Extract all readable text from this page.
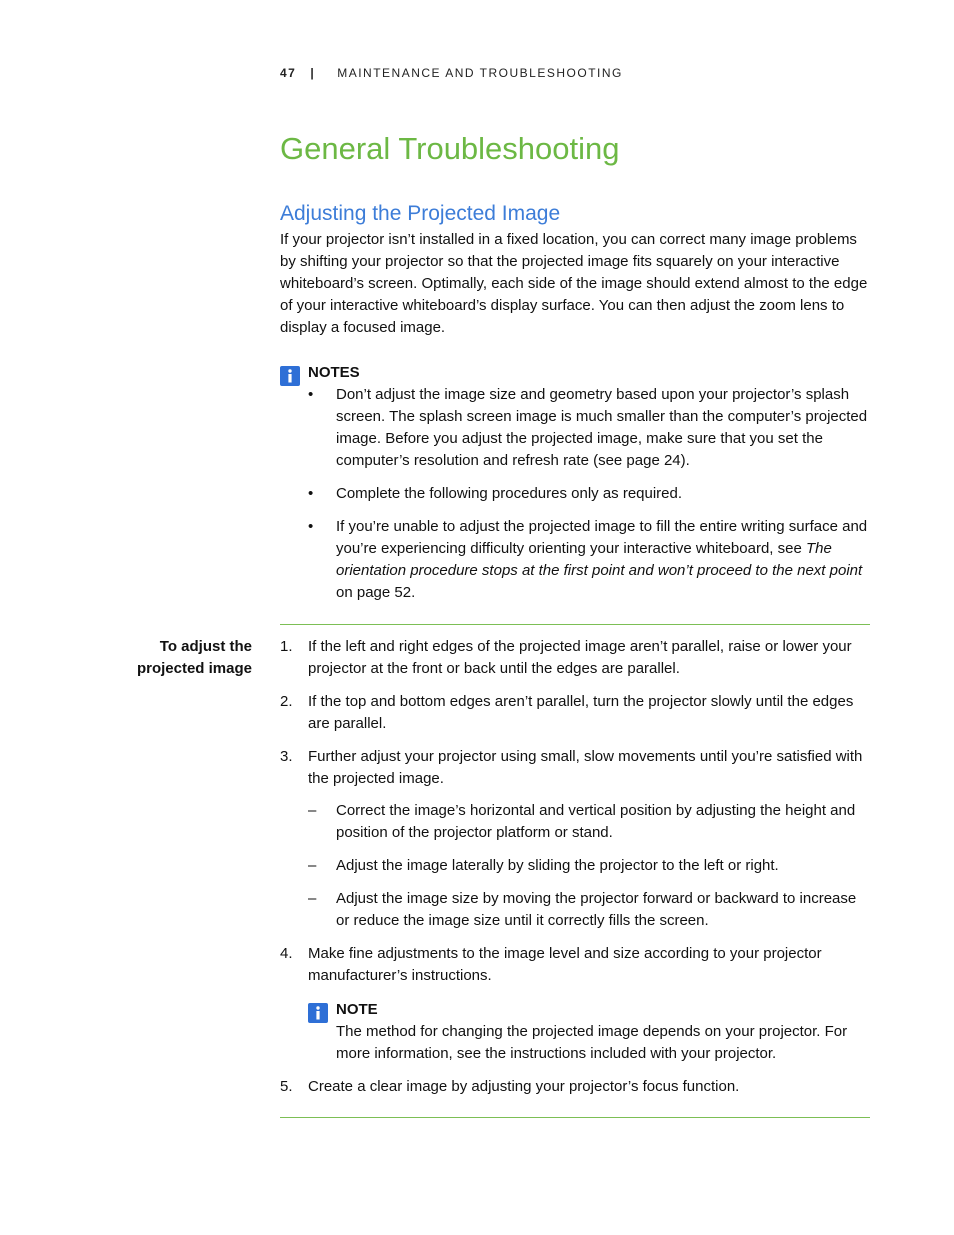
47 | MAINTENANCE AND TROUBLESHOOTING
General Troubleshooting
Adjusting the Projected Image

If your projector isn’t installed in a fixed location, you can correct many image problems by shifting your projector so that the projected image fits squarely on your interactive whiteboard’s screen. Optimally, each side of the image should extend almost to the edge of your interactive whiteboard’s display surface. You can then adjust the zoom lens to display a focused image.

NOTES
• Don’t adjust the image size and geometry based upon your projector’s splash screen. The splash screen image is much smaller than the computer’s projected image. Before you adjust the projected image, make sure that you set the computer’s resolution and refresh rate (see page 24).
• Complete the following procedures only as required.
• If you’re unable to adjust the projected image to fill the entire writing surface and you’re experiencing difficulty orienting your interactive whiteboard, see The orientation procedure stops at the first point and won’t proceed to the next point on page 52.

To adjust the projected image

1. If the left and right edges of the projected image aren’t parallel, raise or lower your projector at the front or back until the edges are parallel.
2. If the top and bottom edges aren’t parallel, turn the projector slowly until the edges are parallel.
3. Further adjust your projector using small, slow movements until you’re satisfied with the projected image.
– Correct the image’s horizontal and vertical position by adjusting the height and position of the projector platform or stand.
– Adjust the image laterally by sliding the projector to the left or right.
– Adjust the image size by moving the projector forward or backward to increase or reduce the image size until it correctly fills the screen.
4. Make fine adjustments to the image level and size according to your projector manufacturer’s instructions.
NOTE
The method for changing the projected image depends on your projector. For more information, see the instructions included with your projector.
5. Create a clear image by adjusting your projector’s focus function.
